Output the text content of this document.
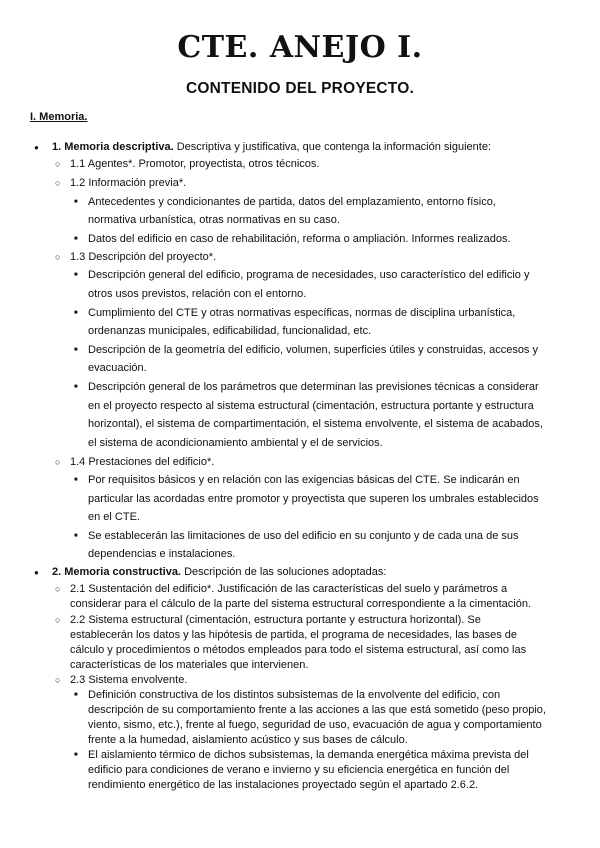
CTE. ANEJO I.
CONTENIDO DEL PROYECTO.
I. Memoria.
● 1. Memoria descriptiva. Descriptiva y justificativa, que contenga la información siguiente:
○ 1.1 Agentes*. Promotor, proyectista, otros técnicos.
○ 1.2 Información previa*.
■ Antecedentes y condicionantes de partida, datos del emplazamiento, entorno físico,
normativa urbanística, otras normativas en su caso.
■ Datos del edificio en caso de rehabilitación, reforma o ampliación. Informes realizados.
○ 1.3 Descripción del proyecto*.
■ Descripción general del edificio, programa de necesidades, uso característico del edificio y
otros usos previstos, relación con el entorno.
■ Cumplimiento del CTE y otras normativas específicas, normas de disciplina urbanística,
ordenanzas municipales, edificabilidad, funcionalidad, etc.
■ Descripción de la geometría del edificio, volumen, superficies útiles y construidas, accesos y
evacuación.
■ Descripción general de los parámetros que determinan las previsiones técnicas a considerar
en el proyecto respecto al sistema estructural (cimentación, estructura portante y estructura
horizontal), el sistema de compartimentación, el sistema envolvente, el sistema de acabados,
el sistema de acondicionamiento ambiental y el de servicios.
○ 1.4 Prestaciones del edificio*.
■ Por requisitos básicos y en relación con las exigencias básicas del CTE. Se indicarán en
particular las acordadas entre promotor y proyectista que superen los umbrales establecidos
en el CTE.
■ Se establecerán las limitaciones de uso del edificio en su conjunto y de cada una de sus
dependencias e instalaciones.
● 2. Memoria constructiva. Descripción de las soluciones adoptadas:
○ 2.1 Sustentación del edificio*. Justificación de las características del suelo y parámetros a
considerar para el cálculo de la parte del sistema estructural correspondiente a la cimentación.
○ 2.2 Sistema estructural (cimentación, estructura portante y estructura horizontal). Se
establecerán los datos y las hipótesis de partida, el programa de necesidades, las bases de
cálculo y procedimientos o métodos empleados para todo el sistema estructural, así como las
características de los materiales que intervienen.
○ 2.3 Sistema envolvente.
■ Definición constructiva de los distintos subsistemas de la envolvente del edificio, con
descripción de su comportamiento frente a las acciones a las que está sometido (peso propio,
viento, sismo, etc.), frente al fuego, seguridad de uso, evacuación de agua y comportamiento
frente a la humedad, aislamiento acústico y sus bases de cálculo.
■ El aislamiento térmico de dichos subsistemas, la demanda energética máxima prevista del
edificio para condiciones de verano e invierno y su eficiencia energética en función del
rendimiento energético de las instalaciones proyectado según el apartado 2.6.2.
